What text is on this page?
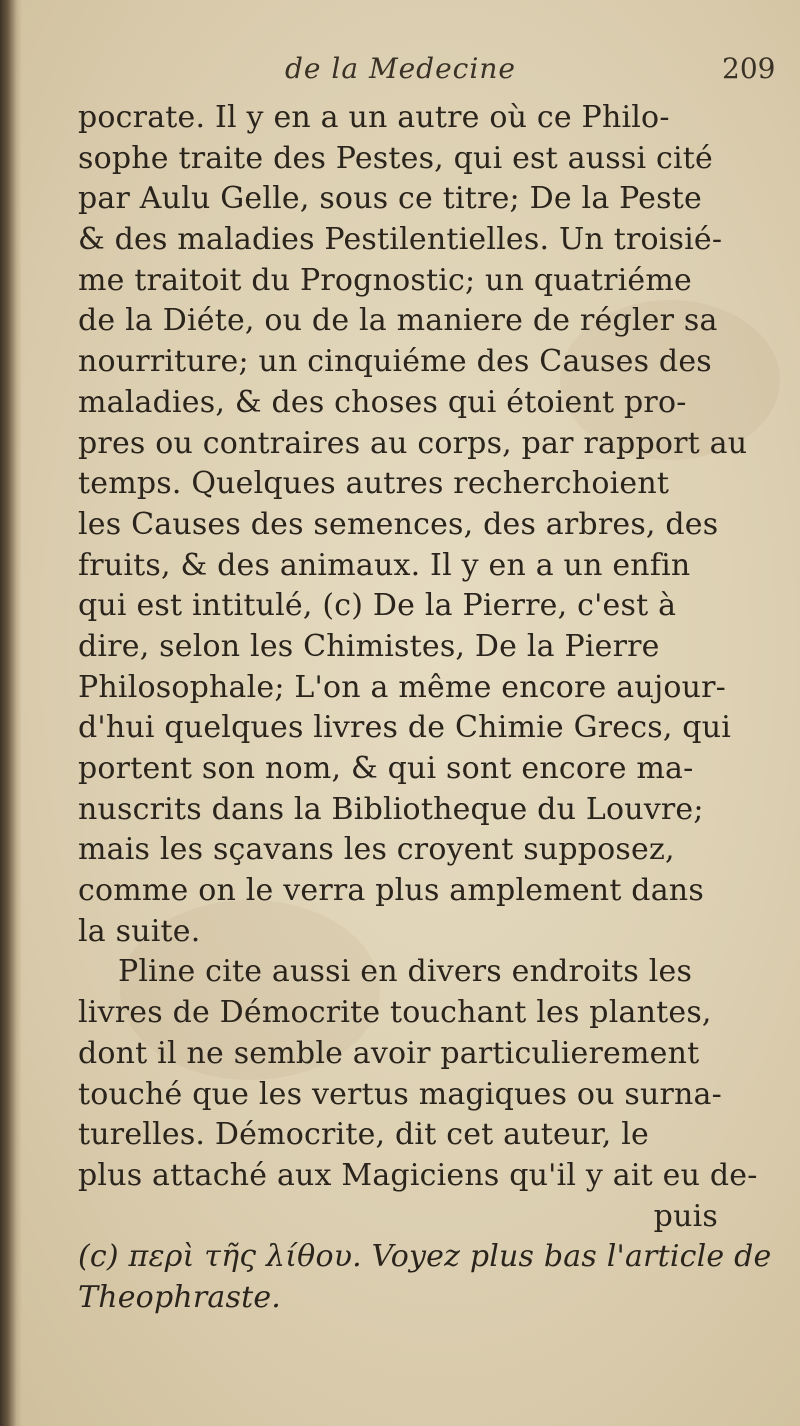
de la Medecine	209
pocrate. Il y en a un autre où ce Philo-
sophe traite des Pestes, qui est aussi cité
par Aulu Gelle, sous ce titre; De la Peste
& des maladies Pestilentielles. Un troisié-
me traitoit du Prognostic; un quatriéme
de la Diéte, ou de la maniere de régler sa
nourriture; un cinquiéme des Causes des
maladies, & des choses qui étoient pro-
pres ou contraires au corps, par rapport au
temps. Quelques autres recherchoient
les Causes des semences, des arbres, des
fruits, & des animaux. Il y en a un enfin
qui est intitulé, (c) De la Pierre, c'est à
dire, selon les Chimistes, De la Pierre
Philosophale; L'on a même encore aujour-
d'hui quelques livres de Chimie Grecs, qui
portent son nom, & qui sont encore ma-
nuscrits dans la Bibliotheque du Louvre;
mais les sçavans les croyent supposez,
comme on le verra plus amplement dans
la suite.
Pline cite aussi en divers endroits les
livres de Démocrite touchant les plantes,
dont il ne semble avoir particulierement
touché que les vertus magiques ou surna-
turelles. Démocrite, dit cet auteur, le
plus attaché aux Magiciens qu'il y ait eu de-
puis
(c) περὶ τῆς λίθου. Voyez plus bas l'article de
Theophraste.
